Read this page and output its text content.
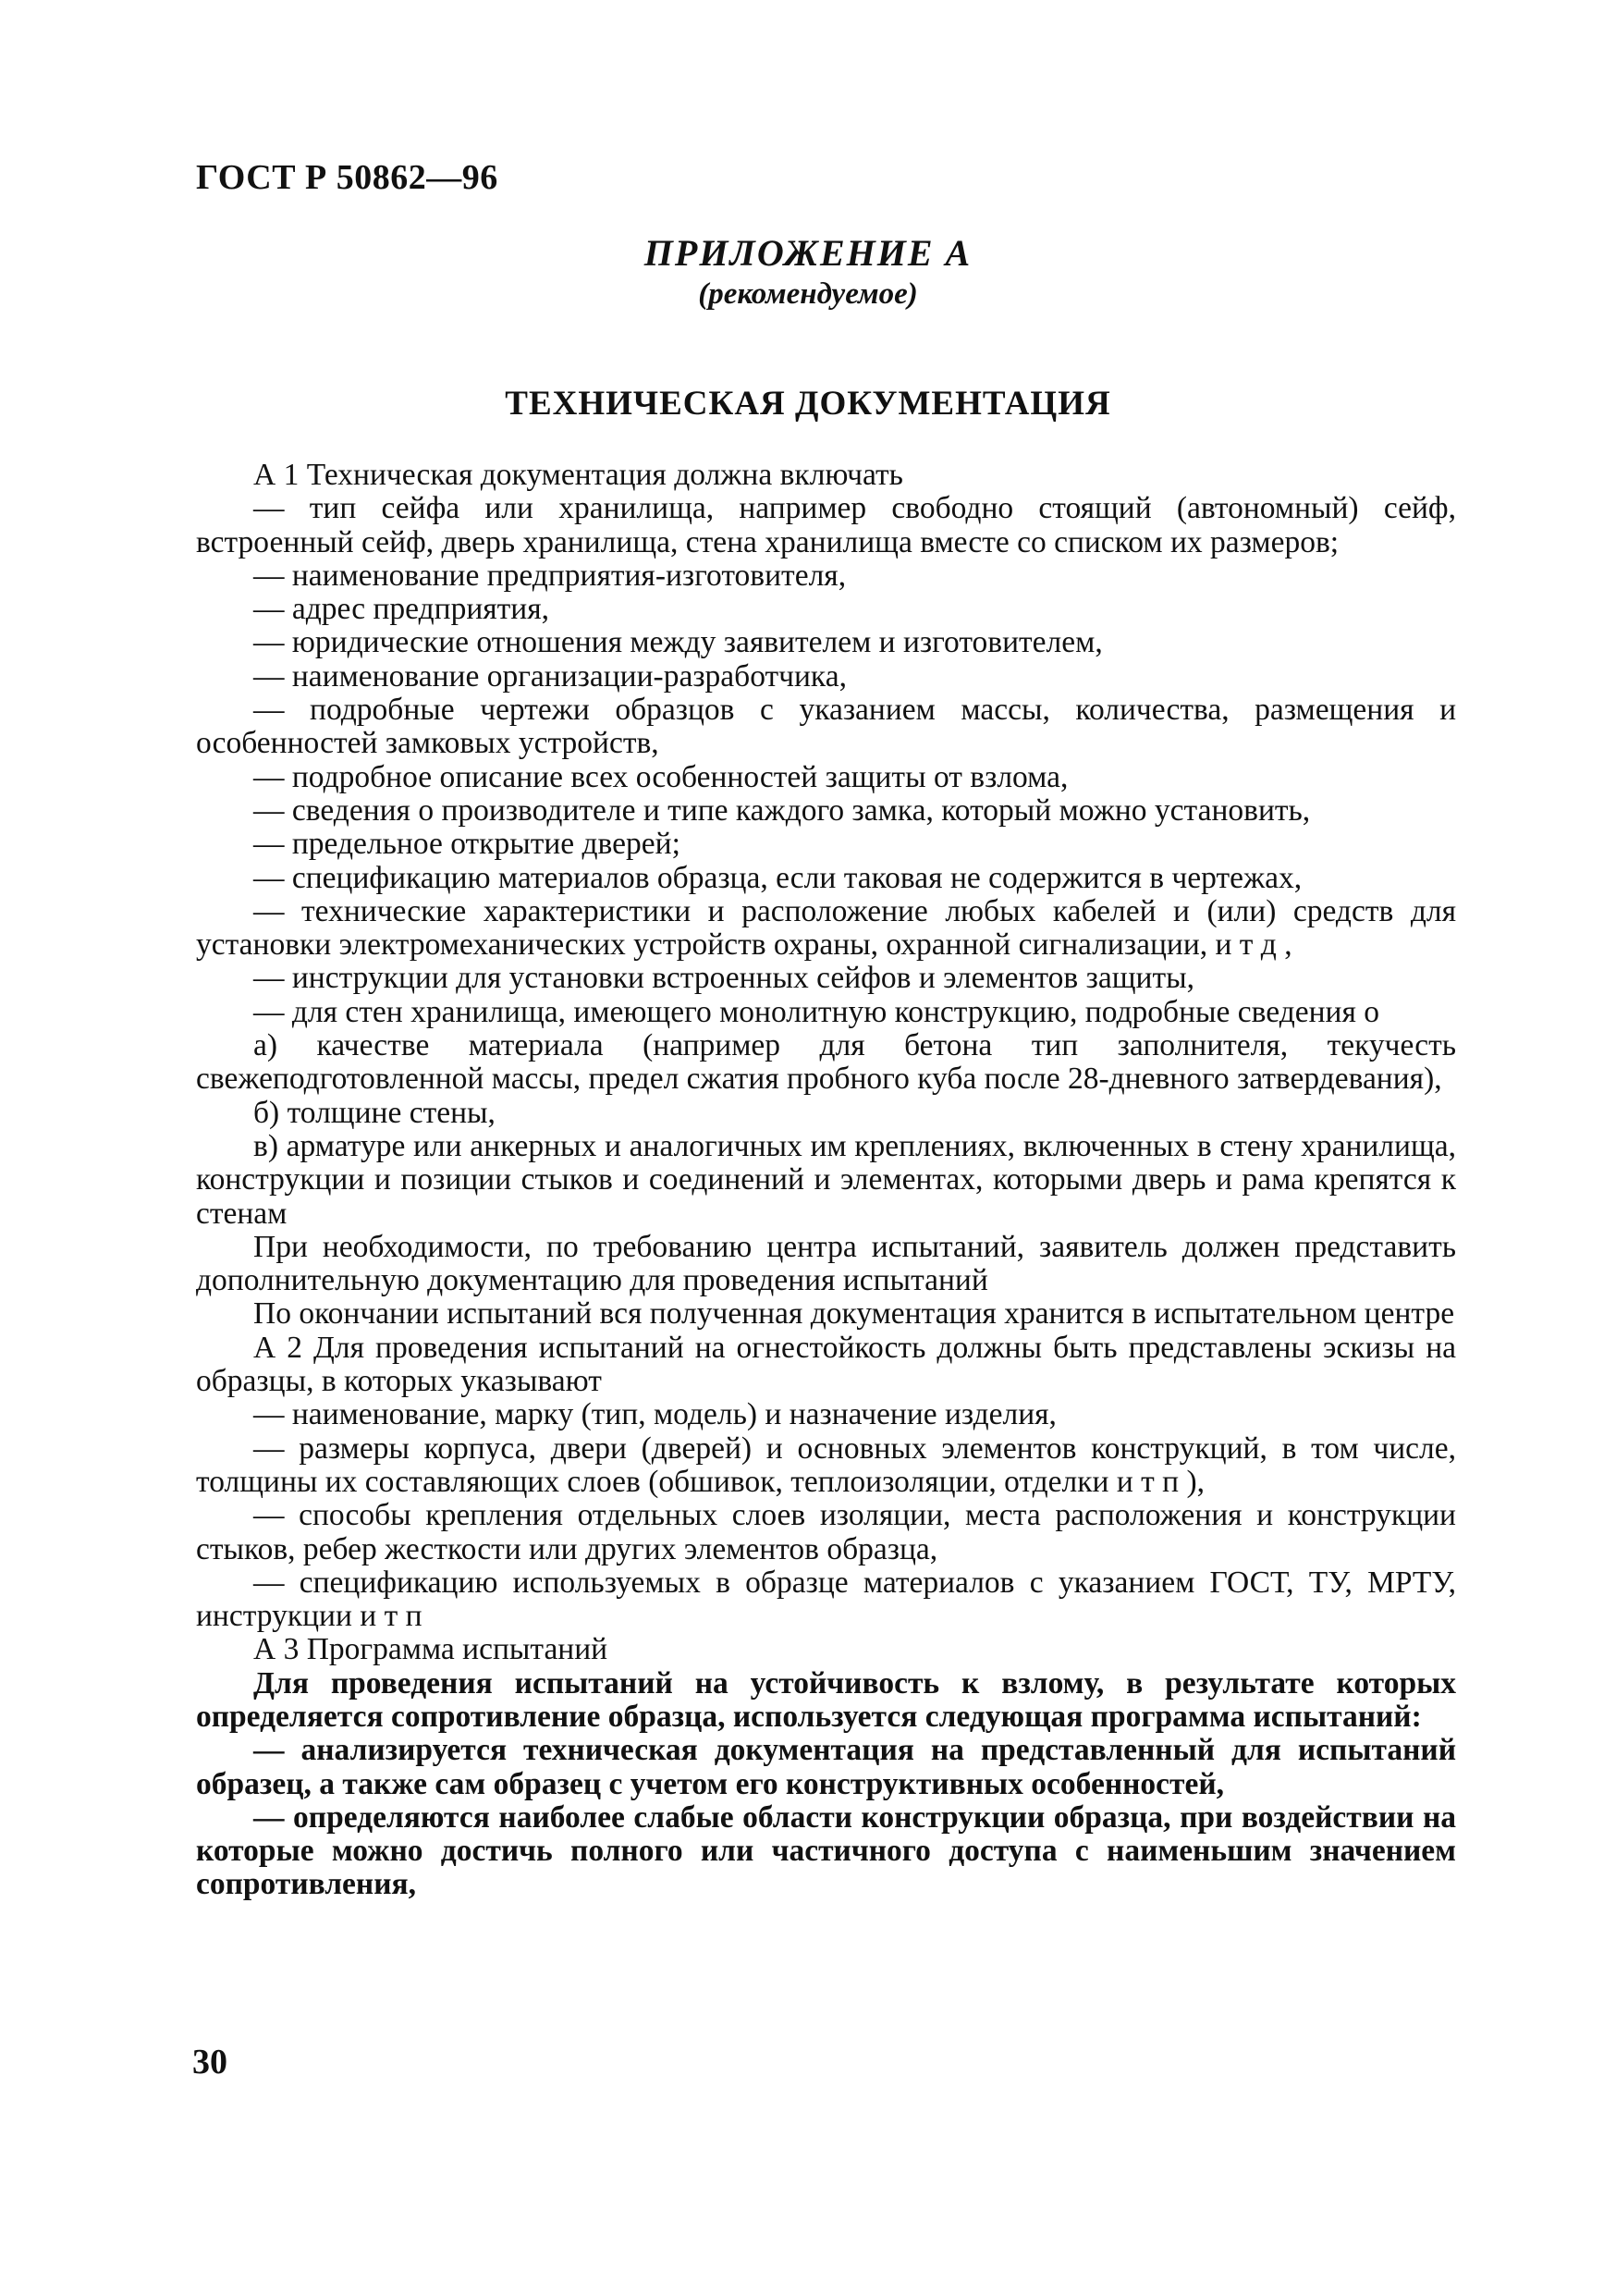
ГОСТ Р 50862—96
ПРИЛОЖЕНИЕ А
(рекомендуемое)
ТЕХНИЧЕСКАЯ ДОКУМЕНТАЦИЯ

А 1 Техническая документация должна включать

— тип сейфа или хранилища, например свободно стоящий (автономный) сейф, встроенный сейф, дверь хранилища, стена хранилища вместе со списком их размеров;

— наименование предприятия-изготовителя,

— адрес предприятия,

— юридические отношения между заявителем и изготовителем,

— наименование организации-разработчика,

— подробные чертежи образцов с указанием массы, количества, размещения и особенностей замковых устройств,

— подробное описание всех особенностей защиты от взлома,

— сведения о производителе и типе каждого замка, который можно установить,

— предельное открытие дверей;

— спецификацию материалов образца, если таковая не содержится в чертежах,

— технические характеристики и расположение любых кабелей и (или) средств для установки электромеханических устройств охраны, охранной сигнализации, и т д ,

— инструкции для установки встроенных сейфов и элементов защиты,

— для стен хранилища, имеющего монолитную конструкцию, подробные сведения о

а) качестве материала (например для бетона тип заполнителя, текучесть свежеподготовленной массы, предел сжатия пробного куба после 28-дневного затвердевания),

б) толщине стены,

в) арматуре или анкерных и аналогичных им креплениях, включенных в стену хранилища, конструкции и позиции стыков и соединений и элементах, которыми дверь и рама крепятся к стенам

При необходимости, по требованию центра испытаний, заявитель должен представить дополнительную документацию для проведения испытаний

По окончании испытаний вся полученная документация хранится в испытательном центре

А 2 Для проведения испытаний на огнестойкость должны быть представлены эскизы на образцы, в которых указывают

— наименование, марку (тип, модель) и назначение изделия,

— размеры корпуса, двери (дверей) и основных элементов конструкций, в том числе, толщины их составляющих слоев (обшивок, теплоизоляции, отделки и т п ),

— способы крепления отдельных слоев изоляции, места расположения и конструкции стыков, ребер жесткости или других элементов образца,

— спецификацию используемых в образце материалов с указанием ГОСТ, ТУ, МРТУ, инструкции и т п

А 3 Программа испытаний

Для проведения испытаний на устойчивость к взлому, в результате которых определяется сопротивление образца, используется следующая программа испытаний:

— анализируется техническая документация на представленный для испытаний образец, а также сам образец с учетом его конструктивных особенностей,

— определяются наиболее слабые области конструкции образца, при воздействии на которые можно достичь полного или частичного доступа с наименьшим значением сопротивления,

30
